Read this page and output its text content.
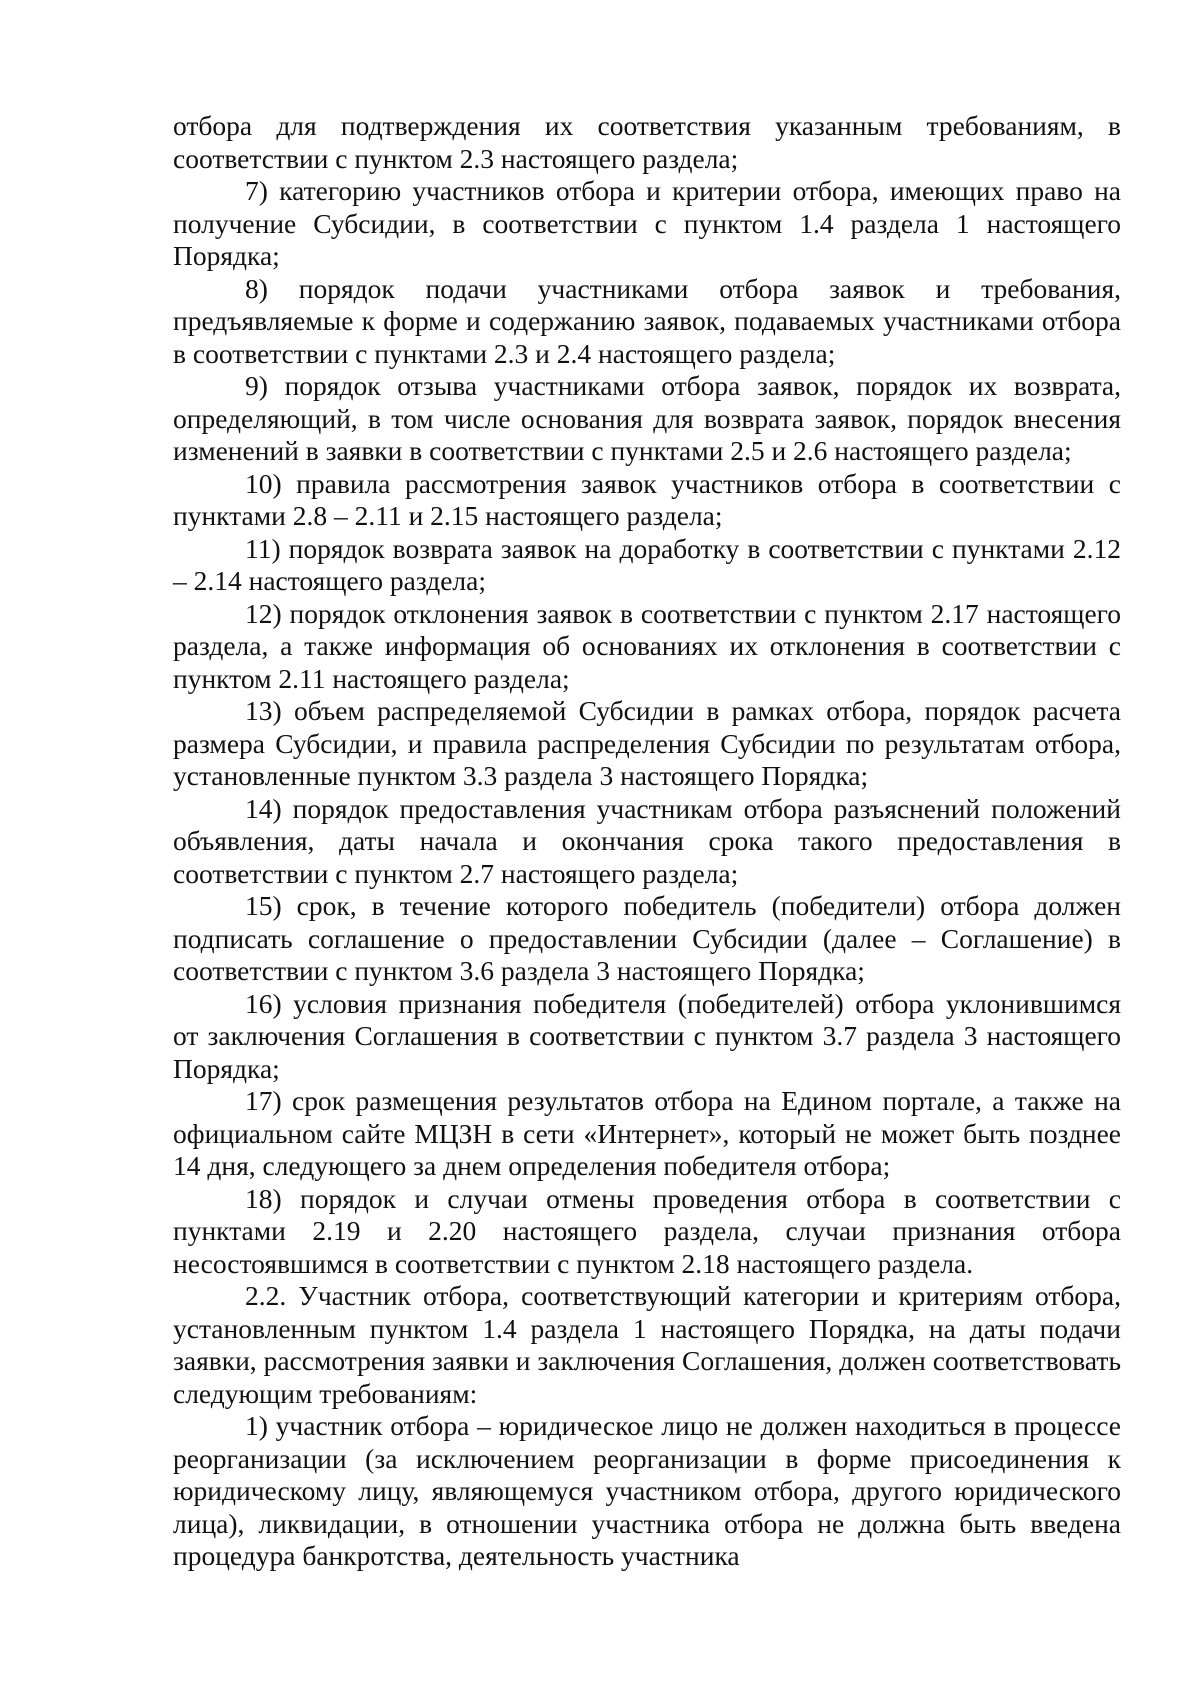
отбора для подтверждения их соответствия указанным требованиям, в соответствии с пунктом 2.3 настоящего раздела;

7) категорию участников отбора и критерии отбора, имеющих право на получение Субсидии, в соответствии с пунктом 1.4 раздела 1 настоящего Порядка;

8) порядок подачи участниками отбора заявок и требования, предъявляемые к форме и содержанию заявок, подаваемых участниками отбора в соответствии с пунктами 2.3 и 2.4 настоящего раздела;

9) порядок отзыва участниками отбора заявок, порядок их возврата, определяющий, в том числе основания для возврата заявок, порядок внесения изменений в заявки в соответствии с пунктами 2.5 и 2.6 настоящего раздела;

10) правила рассмотрения заявок участников отбора в соответствии с пунктами 2.8 – 2.11 и 2.15 настоящего раздела;

11) порядок возврата заявок на доработку в соответствии с пунктами 2.12 – 2.14 настоящего раздела;

12) порядок отклонения заявок в соответствии с пунктом 2.17 настоящего раздела, а также информация об основаниях их отклонения в соответствии с пунктом 2.11 настоящего раздела;

13) объем распределяемой Субсидии в рамках отбора, порядок расчета размера Субсидии, и правила распределения Субсидии по результатам отбора, установленные пунктом 3.3 раздела 3 настоящего Порядка;

14) порядок предоставления участникам отбора разъяснений положений объявления, даты начала и окончания срока такого предоставления в соответствии с пунктом 2.7 настоящего раздела;

15) срок, в течение которого победитель (победители) отбора должен подписать соглашение о предоставлении Субсидии (далее – Соглашение) в соответствии с пунктом 3.6 раздела 3 настоящего Порядка;

16) условия признания победителя (победителей) отбора уклонившимся от заключения Соглашения в соответствии с пунктом 3.7 раздела 3 настоящего Порядка;

17) срок размещения результатов отбора на Едином портале, а также на официальном сайте МЦЗН в сети «Интернет», который не может быть позднее 14 дня, следующего за днем определения победителя отбора;

18) порядок и случаи отмены проведения отбора в соответствии с пунктами 2.19 и 2.20 настоящего раздела, случаи признания отбора несостоявшимся в соответствии с пунктом 2.18 настоящего раздела.

2.2. Участник отбора, соответствующий категории и критериям отбора, установленным пунктом 1.4 раздела 1 настоящего Порядка, на даты подачи заявки, рассмотрения заявки и заключения Соглашения, должен соответствовать следующим требованиям:

1) участник отбора – юридическое лицо не должен находиться в процессе реорганизации (за исключением реорганизации в форме присоединения к юридическому лицу, являющемуся участником отбора, другого юридического лица), ликвидации, в отношении участника отбора не должна быть введена процедура банкротства, деятельность участника
